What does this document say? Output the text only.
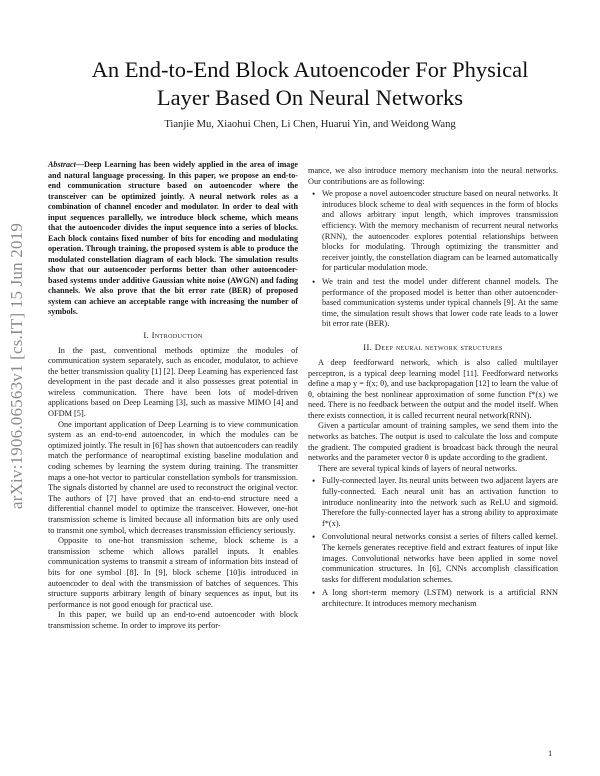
arXiv:1906.06563v1 [cs.IT] 15 Jun 2019
An End-to-End Block Autoencoder For Physical
Layer Based On Neural Networks
Tianjie Mu, Xiaohui Chen, Li Chen, Huarui Yin, and Weidong Wang

Abstract—Deep Learning has been widely applied in the area of image and natural language processing. In this paper, we propose an end-to-end communication structure based on autoencoder where the transceiver can be optimized jointly. A neural network roles as a combination of channel encoder and modulator. In order to deal with input sequences parallelly, we introduce block scheme, which means that the autoencoder divides the input sequence into a series of blocks. Each block contains fixed number of bits for encoding and modulating operation. Through training, the proposed system is able to produce the modulated constellation diagram of each block. The simulation results show that our autoencoder performs better than other autoencoder-based systems under additive Gaussian white noise (AWGN) and fading channels. We also prove that the bit error rate (BER) of proposed system can achieve an acceptable range with increasing the number of symbols.

I. Introduction

In the past, conventional methods optimize the modules of communication system separately, such as encoder, modulator, to achieve the better transmission quality [1] [2]. Deep Learning has experienced fast development in the past decade and it also possesses great potential in wireless communication. There have been lots of model-driven applications based on Deep Learning [3], such as massive MIMO [4] and OFDM [5].

One important application of Deep Learning is to view communication system as an end-to-end autoencoder, in which the modules can be optimized jointly. The result in [6] has shown that autoencoders can readily match the performance of nearoptimal existing baseline modulation and coding schemes by learning the system during training. The transmitter maps a one-hot vector to particular constellation symbols for transmission. The signals distorted by channel are used to reconstruct the original vector. The authors of [7] have proved that an end-to-end structure need a differential channel model to optimize the transceiver. However, one-hot transmission scheme is limited because all information bits are only used to transmit one symbol, which decreases transmission efficiency seriously.

Opposite to one-hot transmission scheme, block scheme is a transmission scheme which allows parallel inputs. It enables communication systems to transmit a stream of information bits instead of bits for one symbol [8]. In [9], block scheme [10]is introduced in autoencoder to deal with the transmission of batches of sequences. This structure supports arbitrary length of binary sequences as input, but its performance is not good enough for practical use.

In this paper, we build up an end-to-end autoencoder with block transmission scheme. In order to improve its perfor-

mance, we also introduce memory mechanism into the neural networks. Our contributions are as following:

• We propose a novel autoencoder structure based on neural networks. It introduces block scheme to deal with sequences in the form of blocks and allows arbitrary input length, which improves transmission efficiency. With the memory mechanism of recurrent neural networks (RNN), the autoencoder explores potential relationships between blocks for modulating. Through optimizing the transmitter and receiver jointly, the constellation diagram can be learned automatically for particular modulation mode.
• We train and test the model under different channel models. The performance of the proposed model is better than other autoencoder-based communication systems under typical channels [9]. At the same time, the simulation result shows that lower code rate leads to a lower bit error rate (BER).
II. Deep neural network structures

A deep feedforward network, which is also called multilayer perceptron, is a typical deep learning model [11]. Feedforward networks define a map y = f(x; θ), and use backpropagation [12] to learn the value of θ, obtaining the best nonlinear approximation of some function f*(x) we need. There is no feedback between the output and the model itself. When there exists connection, it is called recurrent neural network(RNN).

Given a particular amount of training samples, we send them into the networks as batches. The output is used to calculate the loss and compute the gradient. The computed gradient is broadcast back through the neural networks and the parameter vector θ is update according to the gradient.

There are several typical kinds of layers of neural networks.

• Fully-connected layer. Its neural units between two adjacent layers are fully-connected. Each neural unit has an activation function to introduce nonlinearity into the network such as ReLU and sigmoid. Therefore the fully-connected layer has a strong ability to approximate f*(x).
• Convolutional neural networks consist a series of filters called kernel. The kernels generates receptive field and extract features of input like images. Convolutional networks have been applied in some novel communication structures. In [6], CNNs accomplish classification tasks for different modulation schemes.
• A long short-term memory (LSTM) network is a artificial RNN architecture. It introduces memory mechanism
1
